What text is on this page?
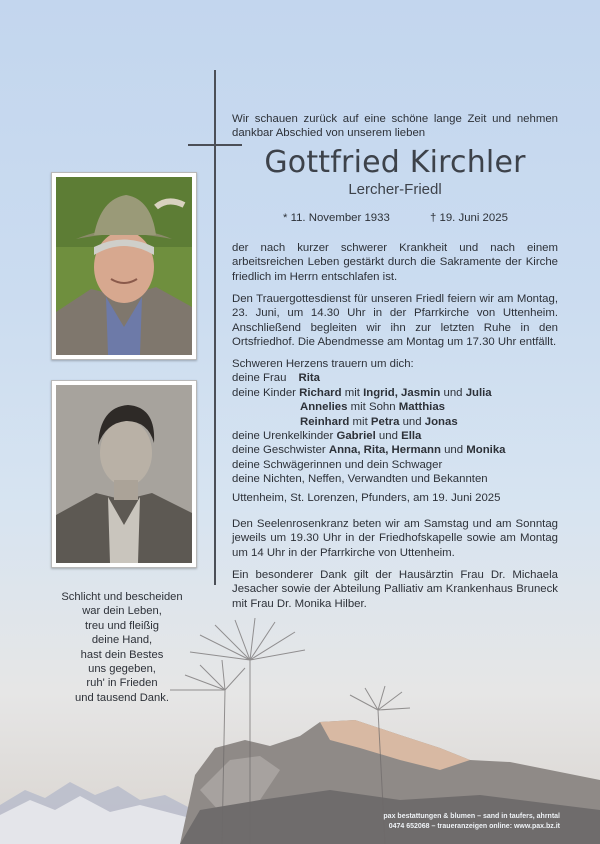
Wir schauen zurück auf eine schöne lange Zeit und nehmen dankbar Abschied von unserem lieben
Gottfried Kirchler
Lercher-Friedl
* 11. November 1933	† 19. Juni 2025
der nach kurzer schwerer Krankheit und nach einem arbeitsreichen Leben gestärkt durch die Sakramente der Kirche friedlich im Herrn entschlafen ist.
Den Trauergottesdienst für unseren Friedl feiern wir am Montag, 23. Juni, um 14.30 Uhr in der Pfarrkirche von Uttenheim. Anschließend begleiten wir ihn zur letzten Ruhe in den Ortsfriedhof. Die Abendmesse am Montag um 17.30 Uhr entfällt.
Schweren Herzens trauern um dich:
deine Frau Rita
deine Kinder Richard mit Ingrid, Jasmin und Julia
Annelies mit Sohn Matthias
Reinhard mit Petra und Jonas
deine Urenkelkinder Gabriel und Ella
deine Geschwister Anna, Rita, Hermann und Monika
deine Schwägerinnen und dein Schwager
deine Nichten, Neffen, Verwandten und Bekannten
Uttenheim, St. Lorenzen, Pfunders, am 19. Juni 2025
Den Seelenrosenkranz beten wir am Samstag und am Sonntag jeweils um 19.30 Uhr in der Friedhofskapelle sowie am Montag um 14 Uhr in der Pfarrkirche von Uttenheim.
Ein besonderer Dank gilt der Hausärztin Frau Dr. Michaela Jesacher sowie der Abteilung Palliativ am Krankenhaus Bruneck mit Frau Dr. Monika Hilber.
Schlicht und bescheiden
war dein Leben,
treu und fleißig
deine Hand,
hast dein Bestes
uns gegeben,
ruh' in Frieden
und tausend Dank.
pax bestattungen & blumen – sand in taufers, ahrntal
0474 652068 – traueranzeigen online: www.pax.bz.it
